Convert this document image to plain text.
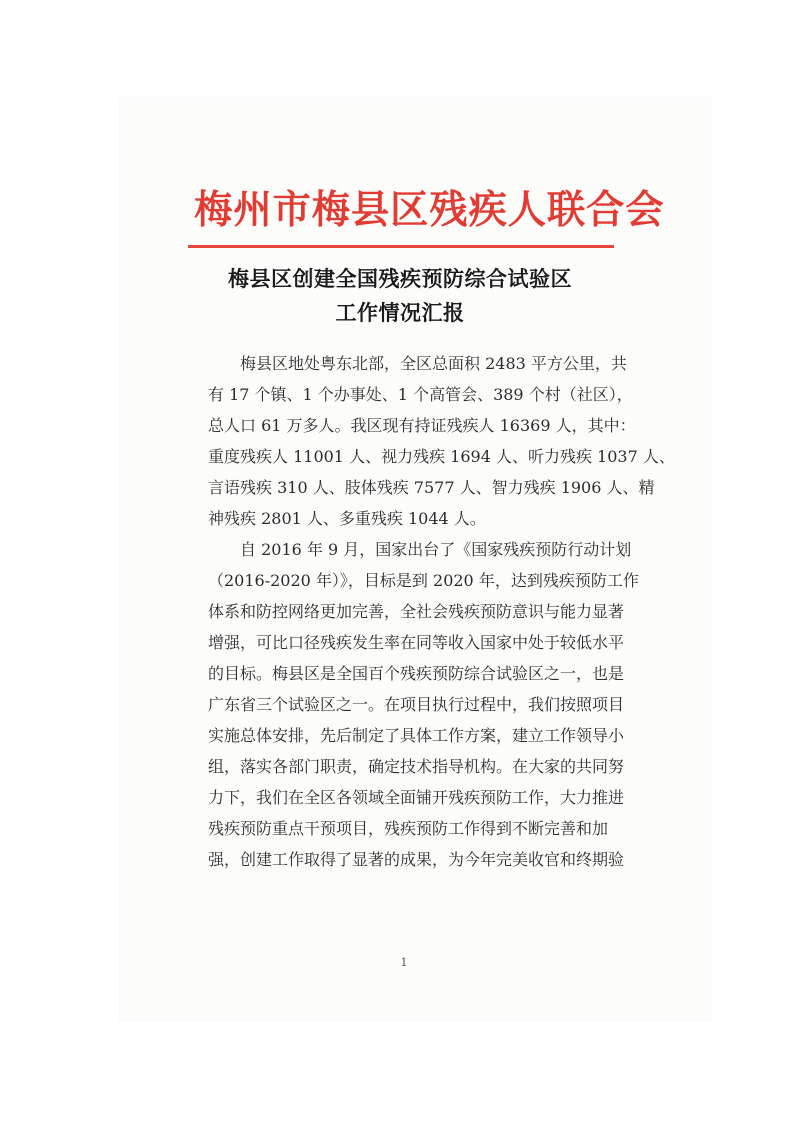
梅州市梅县区残疾人联合会
梅县区创建全国残疾预防综合试验区
工作情况汇报
梅县区地处粤东北部，全区总面积 2483 平方公里，共
有 17 个镇、1 个办事处、1 个高管会、389 个村（社区），
总人口 61 万多人。我区现有持证残疾人 16369 人，其中：
重度残疾人 11001 人、视力残疾 1694 人、听力残疾 1037 人、
言语残疾 310 人、肢体残疾 7577 人、智力残疾 1906 人、精
神残疾 2801 人、多重残疾 1044 人。
自 2016 年 9 月，国家出台了《国家残疾预防行动计划
（2016-2020 年）》，目标是到 2020 年，达到残疾预防工作
体系和防控网络更加完善，全社会残疾预防意识与能力显著
增强，可比口径残疾发生率在同等收入国家中处于较低水平
的目标。梅县区是全国百个残疾预防综合试验区之一，也是
广东省三个试验区之一。在项目执行过程中，我们按照项目
实施总体安排，先后制定了具体工作方案，建立工作领导小
组，落实各部门职责，确定技术指导机构。在大家的共同努
力下，我们在全区各领域全面铺开残疾预防工作，大力推进
残疾预防重点干预项目，残疾预防工作得到不断完善和加
强，创建工作取得了显著的成果，为今年完美收官和终期验
1
